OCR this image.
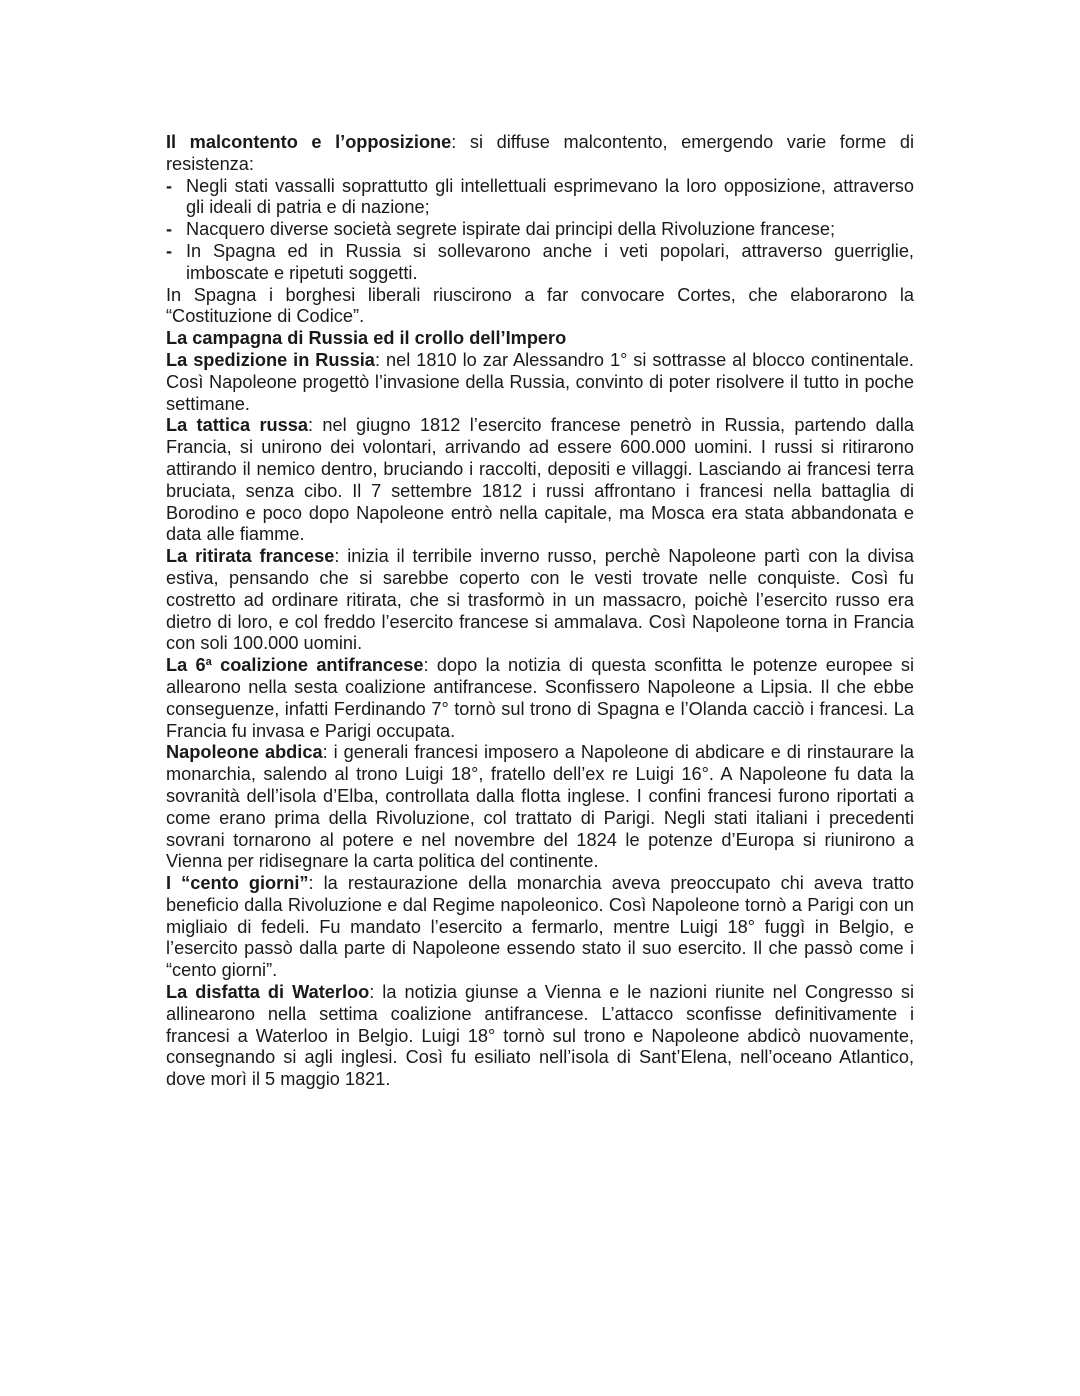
Il malcontento e l’opposizione: si diffuse malcontento, emergendo varie forme di resistenza:

- Negli stati vassalli soprattutto gli intellettuali esprimevano la loro opposizione, attraverso gli ideali di patria e di nazione;
- Nacquero diverse società segrete ispirate dai principi della Rivoluzione francese;
- In Spagna ed in Russia si sollevarono anche i veti popolari, attraverso guerriglie, imboscate e ripetuti soggetti.

In Spagna i borghesi liberali riuscirono a far convocare Cortes, che elaborarono la “Costituzione di Codice”.

La campagna di Russia ed il crollo dell’Impero

La spedizione in Russia: nel 1810 lo zar Alessandro 1° si sottrasse al blocco continentale. Così Napoleone progettò l’invasione della Russia, convinto di poter risolvere il tutto in poche settimane.

La tattica russa: nel giugno 1812 l’esercito francese penetrò in Russia, partendo dalla Francia, si unirono dei volontari, arrivando ad essere 600.000 uomini. I russi si ritirarono attirando il nemico dentro, bruciando i raccolti, depositi e villaggi. Lasciando ai francesi terra bruciata, senza cibo. Il 7 settembre 1812 i russi affrontano i francesi nella battaglia di Borodino e poco dopo Napoleone entrò nella capitale, ma Mosca era stata abbandonata e data alle fiamme.

La ritirata francese: inizia il terribile inverno russo, perchè Napoleone partì con la divisa estiva, pensando che si sarebbe coperto con le vesti trovate nelle conquiste. Così fu costretto ad ordinare ritirata, che si trasformò in un massacro, poichè l’esercito russo era dietro di loro, e col freddo l’esercito francese si ammalava. Così Napoleone torna in Francia con soli 100.000 uomini.

La 6$^a$ coalizione antifrancese: dopo la notizia di questa sconfitta le potenze europee si allearono nella sesta coalizione antifrancese. Sconfissero Napoleone a Lipsia. Il che ebbe conseguenze, infatti Ferdinando 7° tornò sul trono di Spagna e l’Olanda cacciò i francesi. La Francia fu invasa e Parigi occupata.

Napoleone abdica: i generali francesi imposero a Napoleone di abdicare e di rinstaurare la monarchia, salendo al trono Luigi 18°, fratello dell’ex re Luigi 16°. A Napoleone fu data la sovranità dell’isola d’Elba, controllata dalla flotta inglese. I confini francesi furono riportati a come erano prima della Rivoluzione, col trattato di Parigi. Negli stati italiani i precedenti sovrani tornarono al potere e nel novembre del 1824 le potenze d’Europa si riunirono a Vienna per ridisegnare la carta politica del continente.

I “cento giorni”: la restaurazione della monarchia aveva preoccupato chi aveva tratto beneficio dalla Rivoluzione e dal Regime napoleonico. Così Napoleone tornò a Parigi con un migliaio di fedeli. Fu mandato l’esercito a fermarlo, mentre Luigi 18° fuggì in Belgio, e l’esercito passò dalla parte di Napoleone essendo stato il suo esercito. Il che passò come i “cento giorni”.

La disfatta di Waterloo: la notizia giunse a Vienna e le nazioni riunite nel Congresso si allinearono nella settima coalizione antifrancese. L’attacco sconfisse definitivamente i francesi a Waterloo in Belgio. Luigi 18° tornò sul trono e Napoleone abdicò nuovamente, consegnando si agli inglesi. Così fu esiliato nell’isola di Sant’Elena, nell’oceano Atlantico, dove morì il 5 maggio 1821.
